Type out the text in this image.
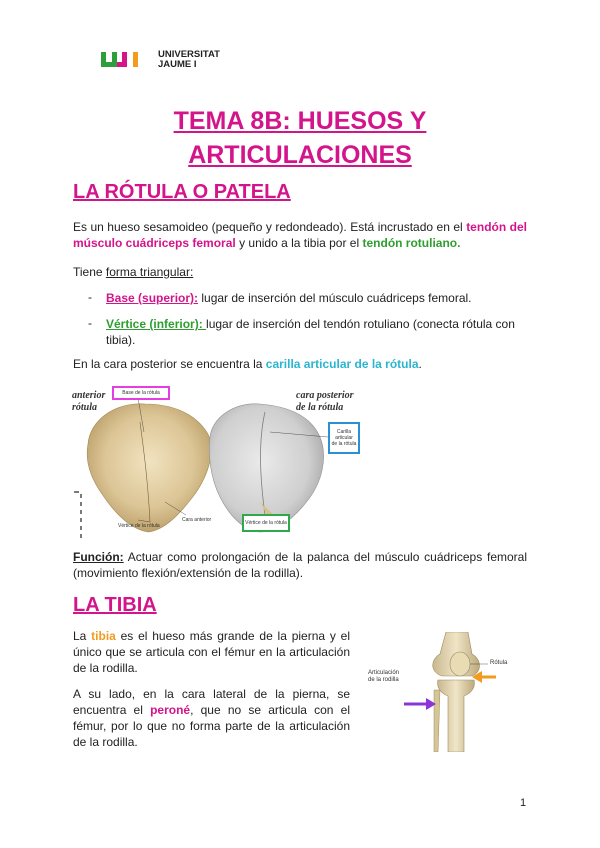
UNIVERSITAT
JAUME I
TEMA 8B: HUESOS Y
ARTICULACIONES
LA RÓTULA O PATELA
Es un hueso sesamoideo (pequeño y redondeado). Está incrustado en el tendón del músculo cuádriceps femoral y unido a la tibia por el tendón rotuliano.
Tiene forma triangular:
- Base (superior): lugar de inserción del músculo cuádriceps femoral.
- Vértice (inferior): lugar de inserción del tendón rotuliano (conecta rótula con tibia).
En la cara posterior se encuentra la carilla articular de la rótula.
anterior
rótula
cara posterior
de la rótula
Base de la rótula
Vértice de la rótula
Carilla
articular
de la rótula
Vértice de la rótula
Cara anterior
Función: Actuar como prolongación de la palanca del músculo cuádriceps femoral (movimiento flexión/extensión de la rodilla).
LA TIBIA
La tibia es el hueso más grande de la pierna y el único que se articula con el fémur en la articulación de la rodilla.
A su lado, en la cara lateral de la pierna, se encuentra el peroné, que no se articula con el fémur, por lo que no forma parte de la articulación de la rodilla.
Articulación
de la rodilla
Rótula
1
